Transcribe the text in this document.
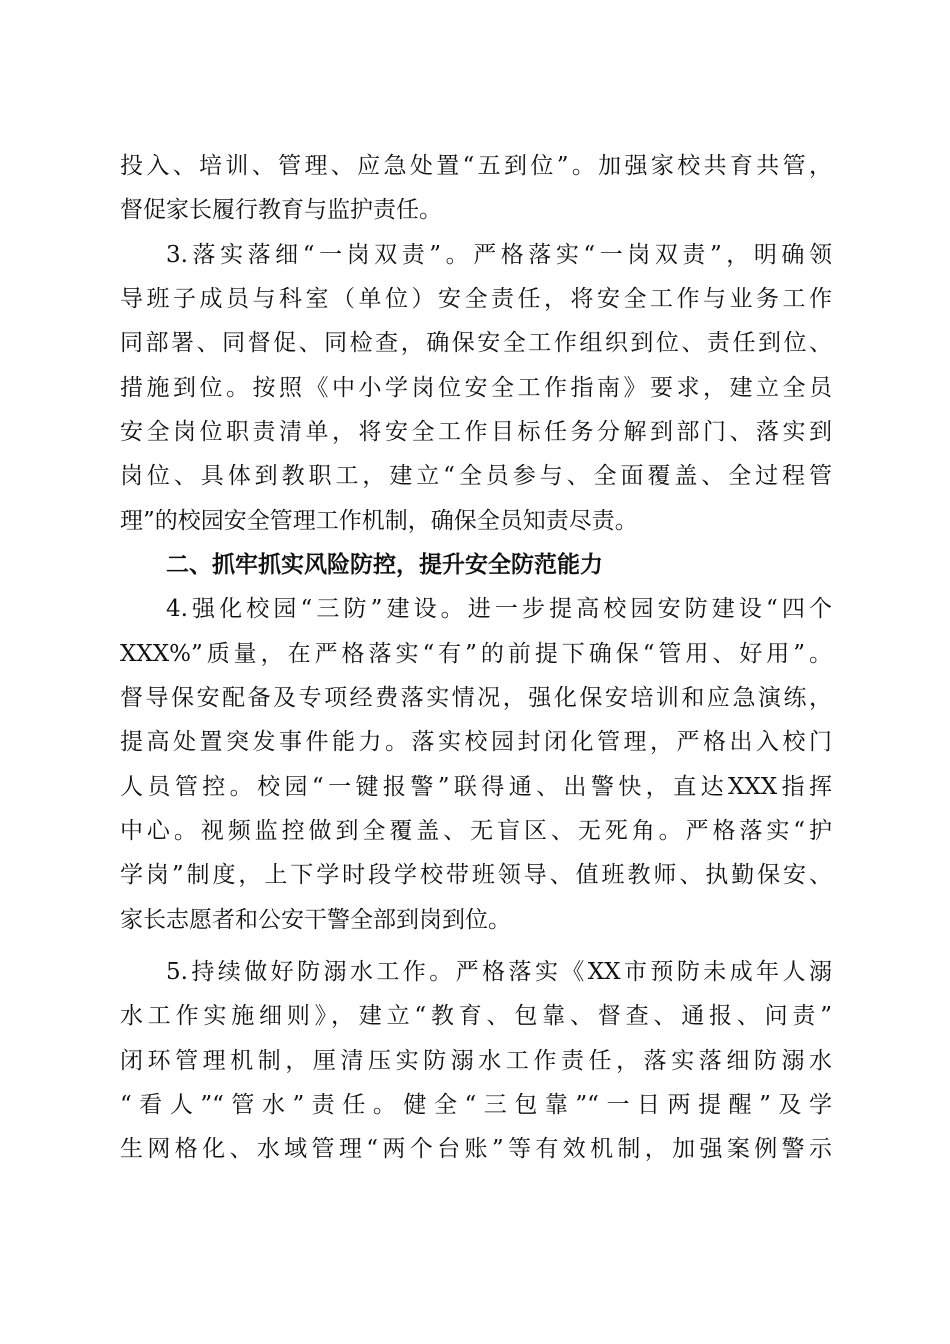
投入、培训、管理、应急处置“五到位”。加强家校共育共管，
督促家长履行教育与监护责任。
3.落实落细“一岗双责”。严格落实“一岗双责”，明确领
导班子成员与科室（单位）安全责任，将安全工作与业务工作
同部署、同督促、同检查，确保安全工作组织到位、责任到位、
措施到位。按照《中小学岗位安全工作指南》要求，建立全员
安全岗位职责清单，将安全工作目标任务分解到部门、落实到
岗位、具体到教职工，建立“全员参与、全面覆盖、全过程管
理”的校园安全管理工作机制，确保全员知责尽责。
二、抓牢抓实风险防控，提升安全防范能力
4.强化校园“三防”建设。进一步提高校园安防建设“四个
XXX%”质量，在严格落实“有”的前提下确保“管用、好用”。
督导保安配备及专项经费落实情况，强化保安培训和应急演练，
提高处置突发事件能力。落实校园封闭化管理，严格出入校门
人员管控。校园“一键报警”联得通、出警快，直达XXX指挥
中心。视频监控做到全覆盖、无盲区、无死角。严格落实“护
学岗”制度，上下学时段学校带班领导、值班教师、执勤保安、
家长志愿者和公安干警全部到岗到位。
5.持续做好防溺水工作。严格落实《XX市预防未成年人溺
水工作实施细则》，建立“教育、包靠、督查、通报、问责”
闭环管理机制，厘清压实防溺水工作责任，落实落细防溺水
“看人”“管水”责任。健全“三包靠”“一日两提醒”及学
生网格化、水域管理“两个台账”等有效机制，加强案例警示
